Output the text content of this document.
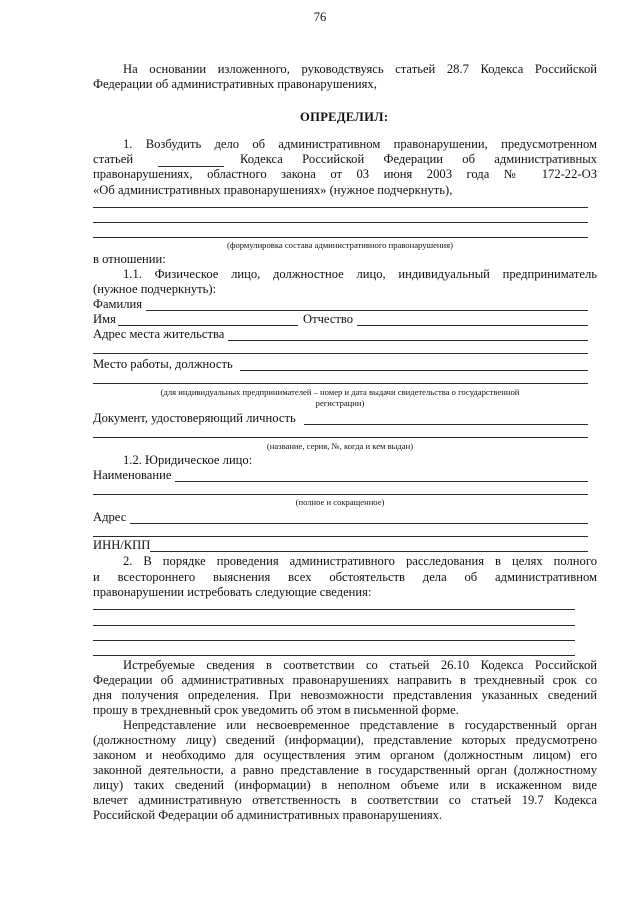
76
На основании изложенного, руководствуясь статьей 28.7 Кодекса Российской
Федерации об административных правонарушениях,
ОПРЕДЕЛИЛ:
1. Возбудить дело об административном правонарушении, предусмотренном
статьей	Кодекса Российской Федерации об административных
правонарушениях, областного закона от 03 июня 2003 года № 172-22-ОЗ
«Об административных правонарушениях» (нужное подчеркнуть),
(формулировка состава административного правонарушения)
в отношении:
1.1. Физическое лицо, должностное лицо, индивидуальный предприниматель
(нужное подчеркнуть):
Фамилия
Имя	Отчество
Адрес места жительства
Место работы, должность
(для индивидуальных предпринимателей – номер и дата выдачи свидетельства о государственной
регистрации)
Документ, удостоверяющий личность
(название, серия, №, когда и кем выдан)
1.2. Юридическое лицо:
Наименование
(полное и сокращенное)
Адрес
ИНН/КПП
2. В порядке проведения административного расследования в целях полного
и всестороннего выяснения всех обстоятельств дела об административном
правонарушении истребовать следующие сведения:
Истребуемые сведения в соответствии со статьей 26.10 Кодекса Российской
Федерации об административных правонарушениях направить в трехдневный срок со
дня получения определения. При невозможности представления указанных сведений
прошу в трехдневный срок уведомить об этом в письменной форме.
Непредставление или несвоевременное представление в государственный орган
(должностному лицу) сведений (информации), представление которых предусмотрено
законом и необходимо для осуществления этим органом (должностным лицом) его
законной деятельности, а равно представление в государственный орган (должностному
лицу) таких сведений (информации) в неполном объеме или в искаженном виде
влечет административную ответственность в соответствии со статьей 19.7 Кодекса
Российской Федерации об административных правонарушениях.
